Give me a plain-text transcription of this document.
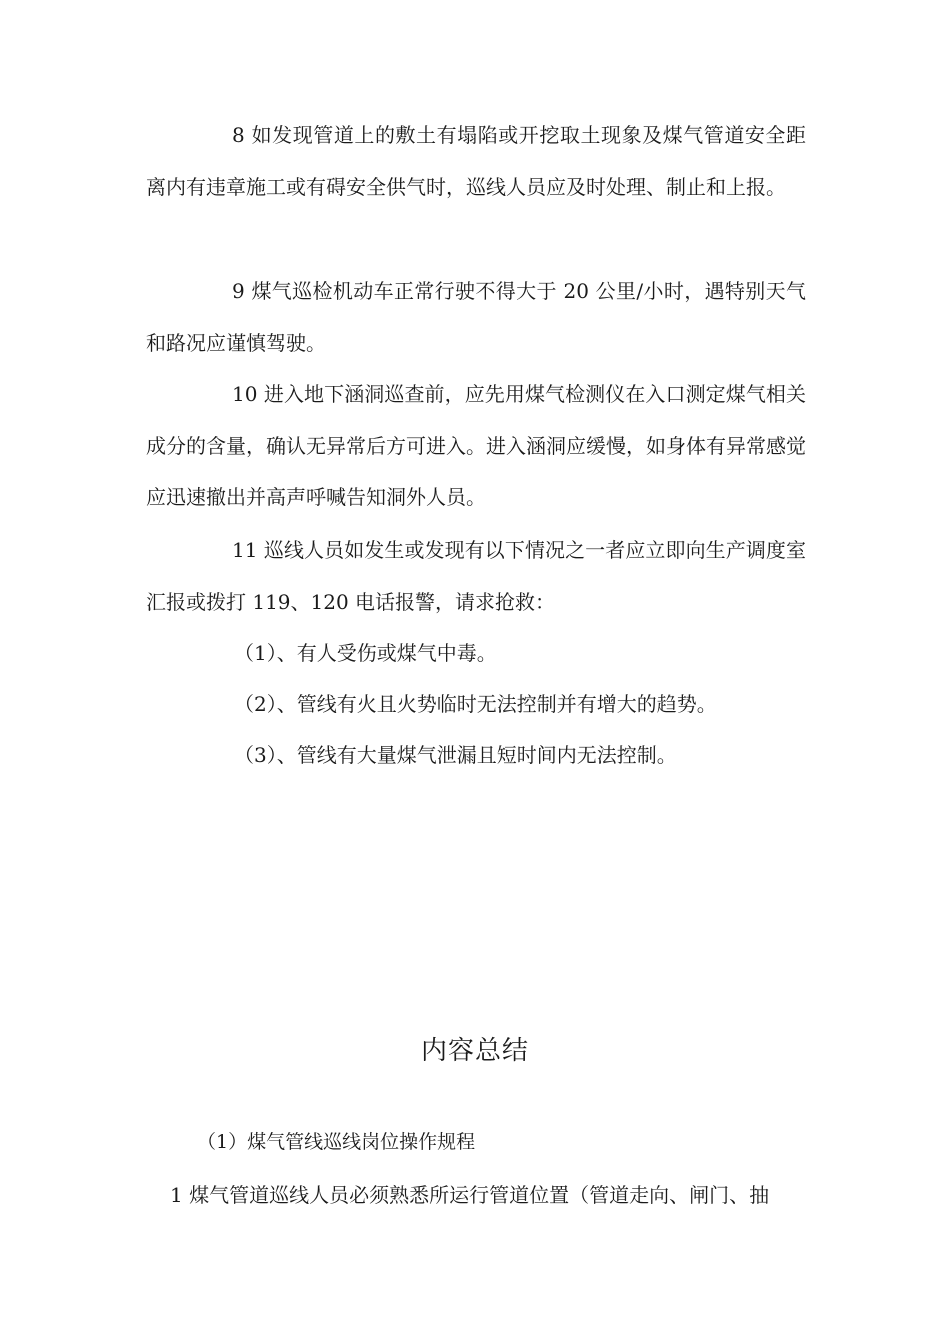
8 如发现管道上的敷土有塌陷或开挖取土现象及煤气管道安全距离内有违章施工或有碍安全供气时，巡线人员应及时处理、制止和上报。

9 煤气巡检机动车正常行驶不得大于 20 公里/小时，遇特别天气和路况应谨慎驾驶。

10 进入地下涵洞巡查前，应先用煤气检测仪在入口测定煤气相关成分的含量，确认无异常后方可进入。进入涵洞应缓慢，如身体有异常感觉应迅速撤出并高声呼喊告知洞外人员。

11 巡线人员如发生或发现有以下情况之一者应立即向生产调度室汇报或拨打 119、120 电话报警，请求抢救：

（1）、有人受伤或煤气中毒。

（2）、管线有火且火势临时无法控制并有增大的趋势。

（3）、管线有大量煤气泄漏且短时间内无法控制。

内容总结

（1）煤气管线巡线岗位操作规程

1 煤气管道巡线人员必须熟悉所运行管道位置（管道走向、闸门、抽
